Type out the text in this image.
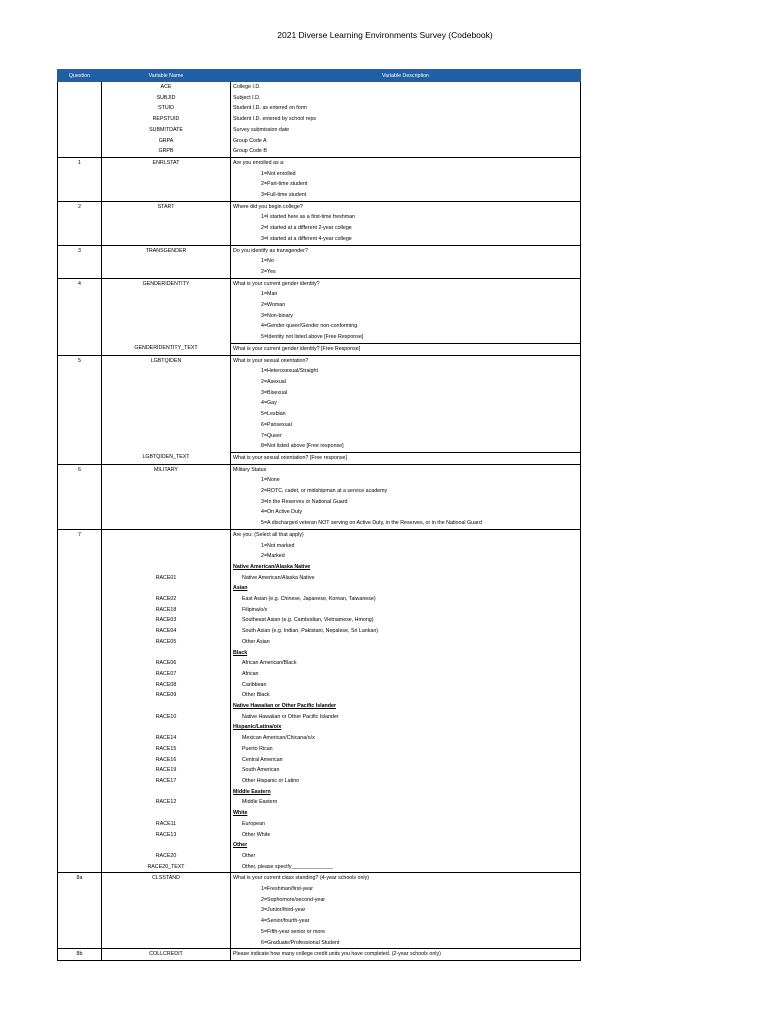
2021 Diverse Learning Environments Survey (Codebook)
Question	Variable Name	Variable Description
	ACE	College I.D.
	SUBJID	Subject I.D.
	STUID	Student I.D. as entered on form
	REPSTUID	Student I.D. entered by school reps
	SUBMITDATE	Survey submission date
	GRPA	Group Code A
	GRPB	Group Code B
1	ENRLSTAT	Are you enrolled as a:
		1=Not enrolled
		2=Part-time student
		3=Full-time student
2	START	Where did you begin college?
		1=I started here as a first-time freshman
		2=I started at a different 2-year college
		3=I started at a different 4-year college
3	TRANSGENDER	Do you identify as transgender?
		1=No
		2=Yes
4	GENDERIDENTITY	What is your current gender identity?
		1=Man
		2=Woman
		3=Non-binary
		4=Gender queer/Gender non-conforming
		5=Identity not listed above [Free Response]
	GENDERIDENTITY_TEXT	What is your current gender identity? [Free Response]
5	LGBTQIDEN	What is your sexual orientation?
		1=Heterosexual/Straight
		2=Asexual
		3=Bisexual
		4=Gay
		5=Lesbian
		6=Pansexual
		7=Queer
		8=Not listed above [Free response]
	LGBTQIDEN_TEXT	What is your sexual orientation? [Free response]
6	MILITARY	Military Status
		1=None
		2=ROTC, cadet, or midshipman at a service academy
		3=In the Reserves or National Guard
		4=On Active Duty
		5=A discharged veteran NOT serving on Active Duty, in the Reserves, or in the National Guard
7		Are you: (Select all that apply)
		1=Not marked
		2=Marked
		Native American/Alaska Native
	RACE01	Native American/Alaska Native
		Asian
	RACE02	East Asian (e.g. Chinese, Japanese, Korean, Taiwanese)
	RACE18	Filipina/o/x
	RACE03	Southeast Asian (e.g. Cambodian, Vietnamese, Hmong)
	RACE04	South Asian (e.g. Indian, Pakistani, Nepalese, Sri Lankan)
	RACE05	Other Asian
		Black
	RACE06	African American/Black
	RACE07	African
	RACE08	Caribbean
	RACE09	Other Black
		Native Hawaiian or Other Pacific Islander
	RACE10	Native Hawaiian or Other Pacific Islander
		Hispanic/Latina/o/x
	RACE14	Mexican American/Chicana/o/x
	RACE15	Puerto Rican
	RACE16	Central American
	RACE19	South American
	RACE17	Other Hispanic or Latino
		Middle Eastern
	RACE12	Middle Eastern
		White
	RACE11	European
	RACE13	Other White
		Other
	RACE20	Other
	RACE20_TEXT	Other, please specify______________
8a	CLSSTAND	What is your current class standing? (4-year schools only)
		1=Freshman/first-year
		2=Sophomore/second-year
		3=Junior/third-year
		4=Senior/fourth-year
		5=Fifth-year senior or more
		6=Graduate/Professional Student
8b	COLLCREDIT	Please indicate how many college credit units you have completed. (2-year schools only)
